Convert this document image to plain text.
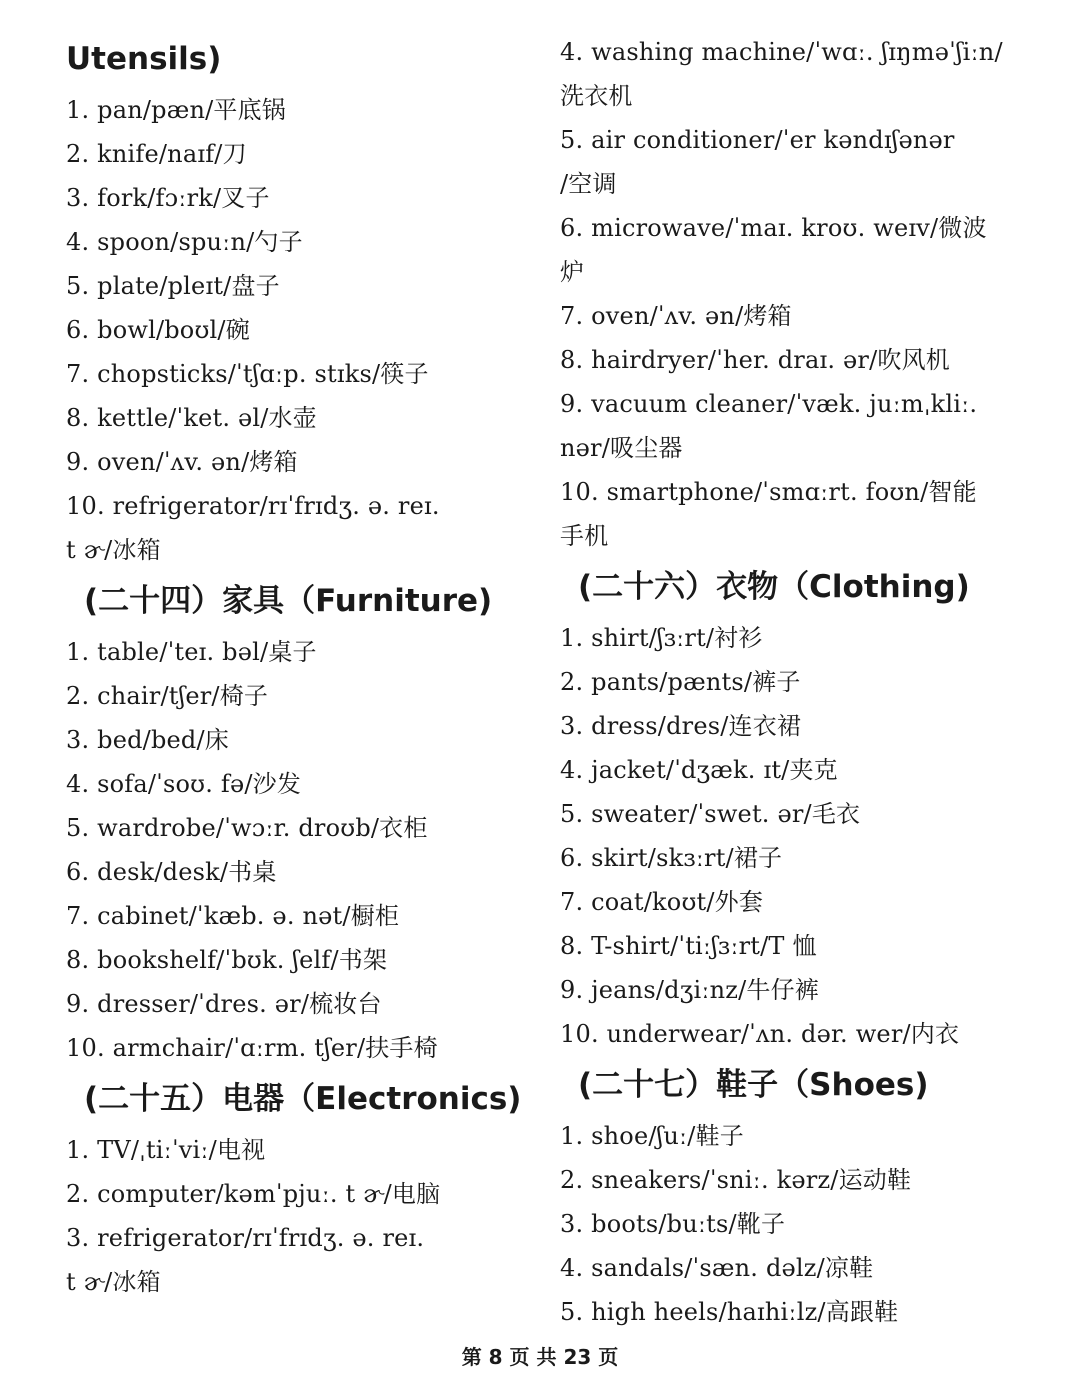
Utensils)
1. pan/pæn/平底锅
2. knife/naɪf/刀
3. fork/fɔːrk/叉子
4. spoon/spuːn/勺子
5. plate/pleɪt/盘子
6. bowl/boʊl/碗
7. chopsticks/ˈtʃɑːp. stɪks/筷子
8. kettle/ˈket. əl/水壶
9. oven/ˈʌv. ən/烤箱
10. refrigerator/rɪˈfrɪdʒ. ə. reɪ.
t ɚ/冰箱
(二十四）家具（Furniture)
1. table/ˈteɪ. bəl/桌子
2. chair/tʃer/椅子
3. bed/bed/床
4. sofa/ˈsoʊ. fə/沙发
5. wardrobe/ˈwɔːr. droʊb/衣柜
6. desk/desk/书桌
7. cabinet/ˈkæb. ə. nət/橱柜
8. bookshelf/ˈbʊk. ʃelf/书架
9. dresser/ˈdres. ər/梳妆台
10. armchair/ˈɑːrm. tʃer/扶手椅
(二十五）电器（Electronics)
1. TV/ˌtiːˈviː/电视
2. computer/kəmˈpjuː. t ɚ/电脑
3. refrigerator/rɪˈfrɪdʒ. ə. reɪ.
t ɚ/冰箱
4. washing machine/ˈwɑː. ʃɪŋməˈʃiːn/
洗衣机
5. air conditioner/ˈer kəndɪʃənər
/空调
6. microwave/ˈmaɪ. kroʊ. weɪv/微波
炉
7. oven/ˈʌv. ən/烤箱
8. hairdryer/ˈher. draɪ. ər/吹风机
9. vacuum cleaner/ˈvæk. juːmˌkliː.
nər/吸尘器
10. smartphone/ˈsmɑːrt. foʊn/智能
手机
(二十六）衣物（Clothing)
1. shirt/ʃɜːrt/衬衫
2. pants/pænts/裤子
3. dress/dres/连衣裙
4. jacket/ˈdʒæk. ɪt/夹克
5. sweater/ˈswet. ər/毛衣
6. skirt/skɜːrt/裙子
7. coat/koʊt/外套
8. T-shirt/ˈtiːʃɜːrt/T 恤
9. jeans/dʒiːnz/牛仔裤
10. underwear/ˈʌn. dər. wer/内衣
(二十七）鞋子（Shoes)
1. shoe/ʃuː/鞋子
2. sneakers/ˈsniː. kərz/运动鞋
3. boots/buːts/靴子
4. sandals/ˈsæn. dəlz/凉鞋
5. high heels/haɪhiːlz/高跟鞋
第 8 页 共 23 页
